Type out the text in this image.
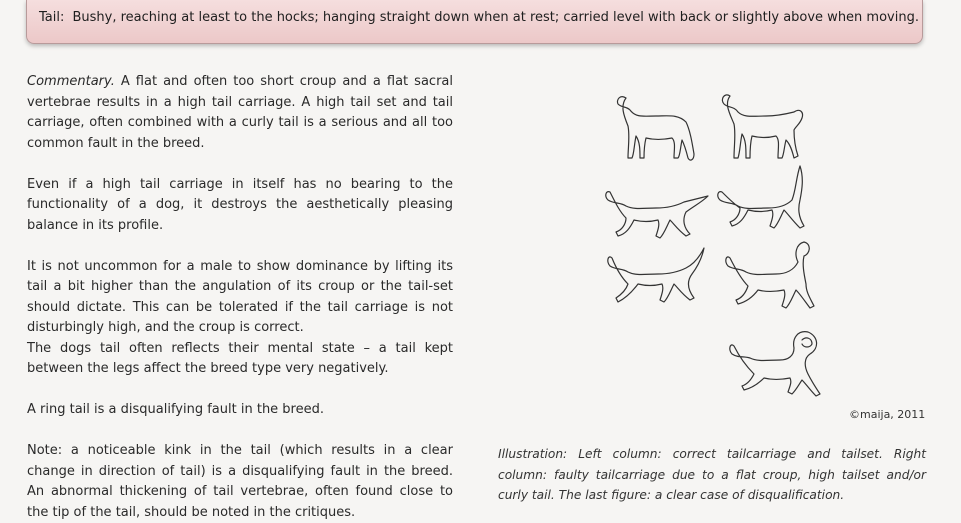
Tail: Bushy, reaching at least to the hocks; hanging straight down when at rest; carried level with back or slightly above when moving.

Commentary. A flat and often too short croup and a flat sacral vertebrae results in a high tail carriage. A high tail set and tail carriage, often combined with a curly tail is a serious and all too common fault in the breed.

Even if a high tail carriage in itself has no bearing to the functionality of a dog, it destroys the aesthetically pleasing balance in its profile.

It is not uncommon for a male to show dominance by lifting its tail a bit higher than the angulation of its croup or the tail-set should dictate. This can be tolerated if the tail carriage is not disturbingly high, and the croup is correct.

The dogs tail often reflects their mental state – a tail kept between the legs affect the breed type very negatively.

A ring tail is a disqualifying fault in the breed.

Note: a noticeable kink in the tail (which results in a clear change in direction of tail) is a disqualifying fault in the breed. An abnormal thickening of tail vertebrae, often found close to the tip of the tail, should be noted in the critiques.

©maija, 2011
Illustration: Left column: correct tailcarriage and tailset. Right column: faulty tailcarriage due to a flat croup, high tailset and/or curly tail. The last figure: a clear case of disqualification.
